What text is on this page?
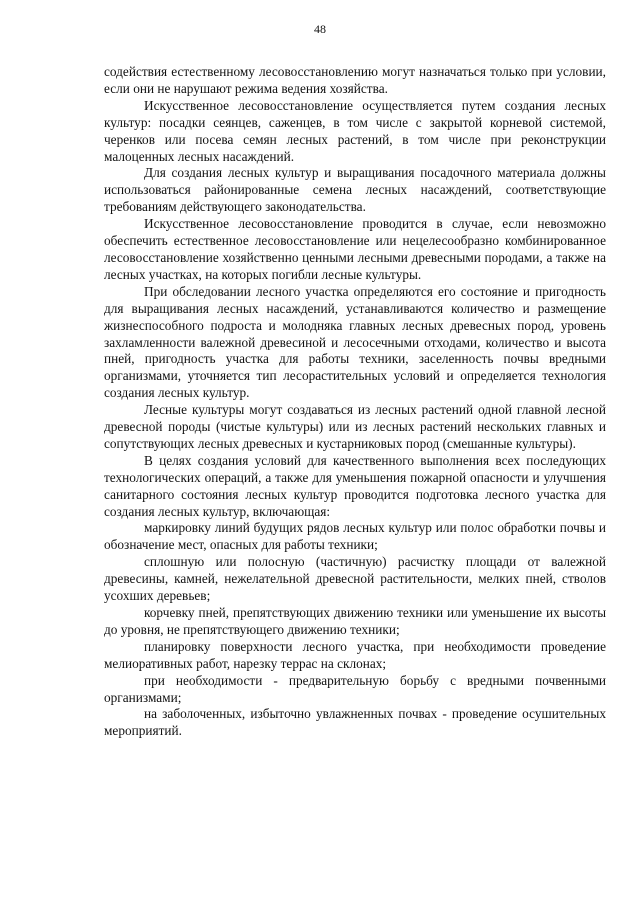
48

содействия естественному лесовосстановлению могут назначаться только при условии, если они не нарушают режима ведения хозяйства.

Искусственное лесовосстановление осуществляется путем создания лесных культур: посадки сеянцев, саженцев, в том числе с закрытой корневой системой, черенков или посева семян лесных растений, в том числе при реконструкции малоценных лесных насаждений.

Для создания лесных культур и выращивания посадочного материала должны использоваться районированные семена лесных насаждений, соответствующие требованиям действующего законодательства.

Искусственное лесовосстановление проводится в случае, если невозможно обеспечить естественное лесовосстановление или нецелесообразно комбинированное лесовосстановление хозяйственно ценными лесными древесными породами, а также на лесных участках, на которых погибли лесные культуры.

При обследовании лесного участка определяются его состояние и пригодность для выращивания лесных насаждений, устанавливаются количество и размещение жизнеспособного подроста и молодняка главных лесных древесных пород, уровень захламленности валежной древесиной и лесосечными отходами, количество и высота пней, пригодность участка для работы техники, заселенность почвы вредными организмами, уточняется тип лесорастительных условий и определяется технология создания лесных культур.

Лесные культуры могут создаваться из лесных растений одной главной лесной древесной породы (чистые культуры) или из лесных растений нескольких главных и сопутствующих лесных древесных и кустарниковых пород (смешанные культуры).

В целях создания условий для качественного выполнения всех последующих технологических операций, а также для уменьшения пожарной опасности и улучшения санитарного состояния лесных культур проводится подготовка лесного участка для создания лесных культур, включающая:

маркировку линий будущих рядов лесных культур или полос обработки почвы и обозначение мест, опасных для работы техники;

сплошную или полосную (частичную) расчистку площади от валежной древесины, камней, нежелательной древесной растительности, мелких пней, стволов усохших деревьев;

корчевку пней, препятствующих движению техники или уменьшение их высоты до уровня, не препятствующего движению техники;

планировку поверхности лесного участка, при необходимости проведение мелиоративных работ, нарезку террас на склонах;

при необходимости - предварительную борьбу с вредными почвенными организмами;

на заболоченных, избыточно увлажненных почвах - проведение осушительных мероприятий.
